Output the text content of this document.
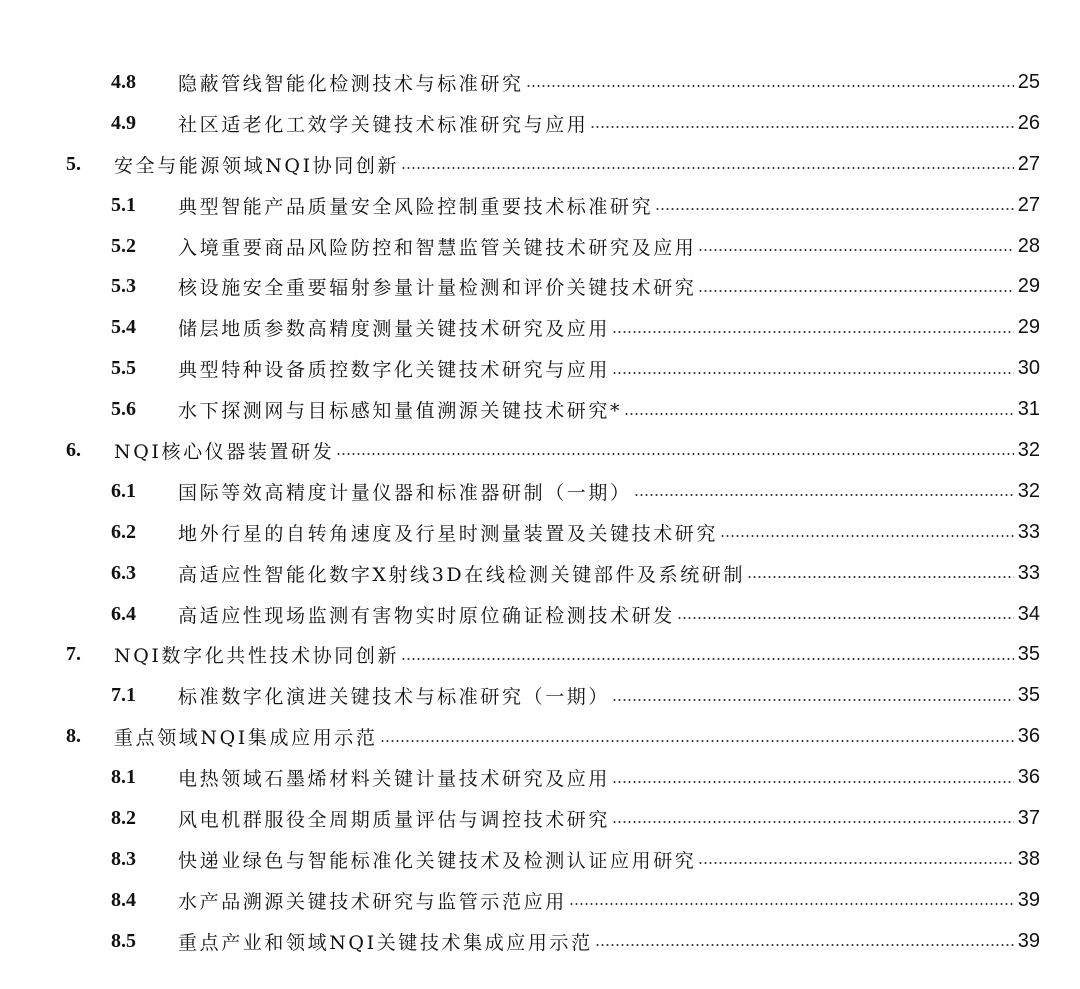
4.8	隐蔽管线智能化检测技术与标准研究	25
4.9	社区适老化工效学关键技术标准研究与应用	26
5.	安全与能源领域NQI协同创新	27
5.1	典型智能产品质量安全风险控制重要技术标准研究	27
5.2	入境重要商品风险防控和智慧监管关键技术研究及应用	28
5.3	核设施安全重要辐射参量计量检测和评价关键技术研究	29
5.4	储层地质参数高精度测量关键技术研究及应用	29
5.5	典型特种设备质控数字化关键技术研究与应用	30
5.6	水下探测网与目标感知量值溯源关键技术研究*	31
6.	NQI核心仪器装置研发	32
6.1	国际等效高精度计量仪器和标准器研制（一期）	32
6.2	地外行星的自转角速度及行星时测量装置及关键技术研究	33
6.3	高适应性智能化数字X射线3D在线检测关键部件及系统研制	33
6.4	高适应性现场监测有害物实时原位确证检测技术研发	34
7.	NQI数字化共性技术协同创新	35
7.1	标准数字化演进关键技术与标准研究（一期）	35
8.	重点领域NQI集成应用示范	36
8.1	电热领域石墨烯材料关键计量技术研究及应用	36
8.2	风电机群服役全周期质量评估与调控技术研究	37
8.3	快递业绿色与智能标准化关键技术及检测认证应用研究	38
8.4	水产品溯源关键技术研究与监管示范应用	39
8.5	重点产业和领域NQI关键技术集成应用示范	39
